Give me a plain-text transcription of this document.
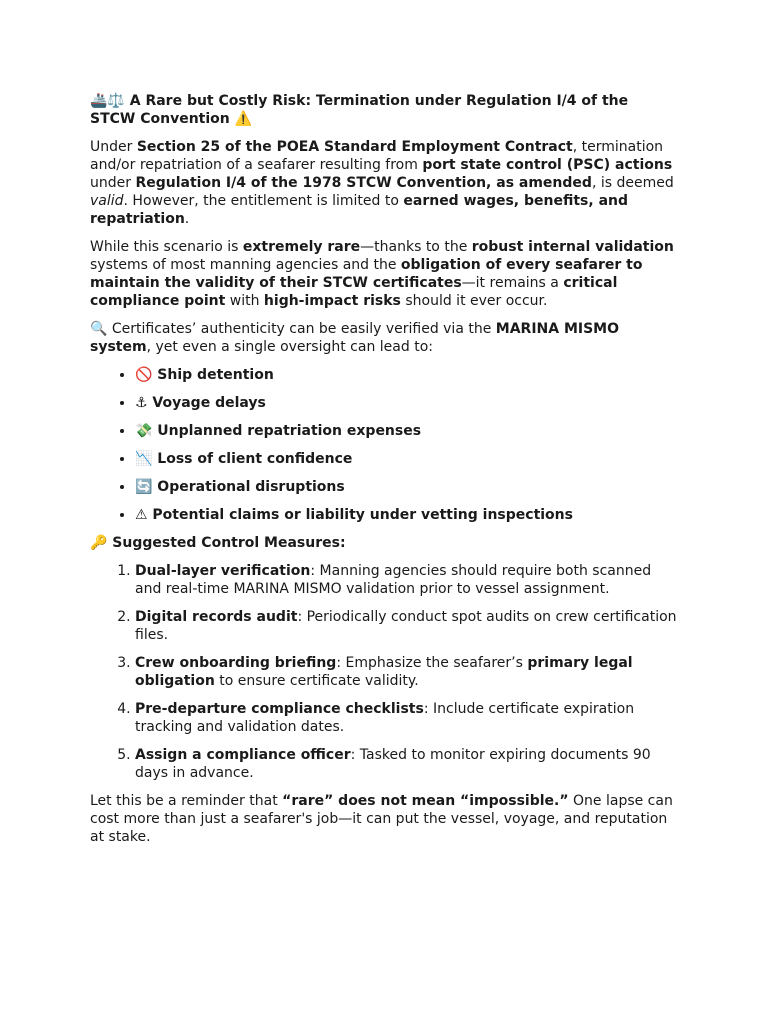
🚢⚖️ A Rare but Costly Risk: Termination under Regulation I/4 of the STCW Convention ⚠️

Under Section 25 of the POEA Standard Employment Contract, termination and/or repatriation of a seafarer resulting from port state control (PSC) actions under Regulation I/4 of the 1978 STCW Convention, as amended, is deemed valid. However, the entitlement is limited to earned wages, benefits, and repatriation.

While this scenario is extremely rare—thanks to the robust internal validation systems of most manning agencies and the obligation of every seafarer to maintain the validity of their STCW certificates—it remains a critical compliance point with high-impact risks should it ever occur.

🔍 Certificates’ authenticity can be easily verified via the MARINA MISMO system, yet even a single oversight can lead to:

• 🚫 Ship detention
• ⚓ Voyage delays
• 💸 Unplanned repatriation expenses
• 📉 Loss of client confidence
• 🔄 Operational disruptions
• ⚠ Potential claims or liability under vetting inspections
🔑 Suggested Control Measures:
1. Dual-layer verification: Manning agencies should require both scanned and real-time MARINA MISMO validation prior to vessel assignment.
2. Digital records audit: Periodically conduct spot audits on crew certification files.
3. Crew onboarding briefing: Emphasize the seafarer’s primary legal obligation to ensure certificate validity.
4. Pre-departure compliance checklists: Include certificate expiration tracking and validation dates.
5. Assign a compliance officer: Tasked to monitor expiring documents 90 days in advance.

Let this be a reminder that “rare” does not mean “impossible.” One lapse can cost more than just a seafarer's job—it can put the vessel, voyage, and reputation at stake.
